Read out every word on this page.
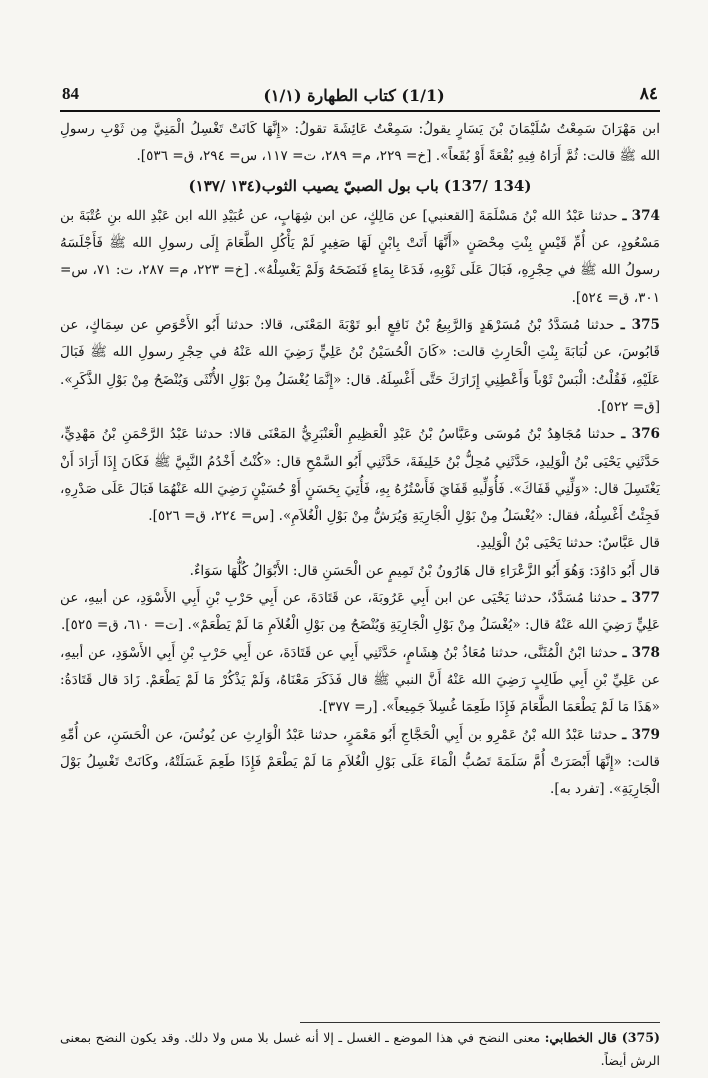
84	(1/1) كتاب الطهارة (١/١)	٨٤

ابن مَهْرَانَ سَمِعْتُ سُلَيْمَانَ بْنَ يَسَارٍ يقولُ: سَمِعْتُ عَائِشَةَ تقولُ: «إِنَّهَا كَانَتْ تَغْسِلُ الْمَنِيَّ مِن ثَوْبِ رسولِ الله ﷺ قالت: ثُمَّ أَرَاهُ فِيهِ بُقْعَةً أَوْ بُقَعاً». [خ= ٢٢٩، م= ٢٨٩، ت= ١١٧، س= ٢٩٤، ق= ٥٣٦].

(134 /137) باب بول الصبيّ يصيب الثوب(١٣٤ /١٣٧)

374 ـ حدثنا عَبْدُ الله بْنُ مَسْلَمَةَ [القعنبي] عن مَالِكٍ، عن ابن شِهَابٍ، عن عُبَيْدِ الله ابن عَبْدِ الله بنِ عُتْبَةَ بن مَسْعُودٍ، عن أُمِّ قَيْسٍ بِنْتِ مِحْصَنٍ «أَنَّهَا أَتَتْ بِابْنٍ لَهَا صَغِيرٍ لَمْ يَأْكُلِ الطَّعَامَ إِلَى رسولِ الله ﷺ فَأَجْلَسَهُ رسولُ الله ﷺ في حِجْرِهِ، فَبَالَ عَلَى ثَوْبِهِ، فَدَعَا بِمَاءٍ فَنَضَحَهُ وَلَمْ يَغْسِلْهُ». [خ= ٢٢٣، م= ٢٨٧، ت: ٧١، س= ٣٠١، ق= ٥٢٤].

375 ـ حدثنا مُسَدَّدُ بْنُ مُسَرْهَدٍ وَالرَّبِيعُ بْنُ نَافِعٍ أبو تَوْبَةَ المَعْنَى، قالا: حدثنا أَبُو الأَحْوَصِ عن سِمَاكٍ، عن قَابُوسَ، عن لُبَابَةَ بِنْتِ الْحَارِثِ قالت: «كَانَ الْحُسَيْنُ بْنُ عَلِيٍّ رَضِيَ الله عَنْهُ في حِجْرِ رسولِ الله ﷺ فَبَالَ عَلَيْهِ، فَقُلْتُ: الْبَسْ ثَوْباً وَأَعْطِنِي إِزَارَكَ حَتَّى أَغْسِلَهُ. قال: «إِنَّمَا يُغْسَلُ مِنْ بَوْلِ الأُنْثَى وَيُنْضَحُ مِنْ بَوْلِ الذَّكَرِ». [ق= ٥٢٢].

376 ـ حدثنا مُجَاهِدُ بْنُ مُوسَى وعَبَّاسُ بْنُ عَبْدِ الْعَظِيمِ الْعَنْبَرِيُّ المَعْنَى قالا: حدثنا عَبْدُ الرَّحْمَنِ بْنُ مَهْدِيٍّ، حَدَّثَنِي يَحْيَى بْنُ الْوَلِيدِ، حَدَّثَنِي مُحِلُّ بْنُ خَلِيفَةَ، حَدَّثَنِي أَبُو السَّمْحِ قال: «كُنْتُ أَخْدُمُ النَّبِيَّ ﷺ فَكَانَ إِذَا أَرَادَ أَنْ يَغْتَسِلَ قال: «وَلِّنِي قَفَاكَ». فَأُوَلِّيهِ قَفَايَ فَأَسْتُرُهُ بِهِ، فَأُتِيَ بِحَسَنٍ أَوْ حُسَيْنٍ رَضِيَ الله عَنْهُمَا فَبَالَ عَلَى صَدْرِهِ، فَجِئْتُ أَغْسِلُهُ، فقال: «يُغْسَلُ مِنْ بَوْلِ الْجَارِيَةِ وَيُرَشُّ مِنْ بَوْلِ الْغُلاَمِ». [س= ٢٢٤، ق= ٥٢٦].

قال عَبَّاسٌ: حدثنا يَحْيَى بْنُ الْوَلِيدِ.

قال أَبُو دَاوُدَ: وَهُوَ أَبُو الزَّعْرَاءِ قال هَارُونُ بْنُ تَمِيمٍ عن الْحَسَنِ قال: الأَبْوَالُ كُلُّهَا سَوَاءٌ.

377 ـ حدثنا مُسَدَّدٌ، حدثنا يَحْيَى عن ابن أَبِي عَرُوبَةَ، عن قَتَادَةَ، عن أَبِي حَرْبِ بْنِ أَبِي الأَسْوَدِ، عن أبيهِ، عن عَلِيٍّ رَضِيَ الله عَنْهُ قال: «يُغْسَلُ مِنْ بَوْلِ الْجَارِيَةِ وَيُنْضَحُ مِن بَوْلِ الْغُلاَمِ مَا لَمْ يَطْعَمْ». [ت= ٦١٠، ق= ٥٢٥].

378 ـ حدثنا ابْنُ الْمُثَنَّى، حدثنا مُعَاذُ بْنُ هِشَامٍ، حَدَّثَنِي أَبِي عن قَتَادَةَ، عن أَبِي حَرْبِ بْنِ أَبِي الأَسْوَدِ، عن أبيهِ، عن عَلِيِّ بْنِ أَبِي طَالِبٍ رَضِيَ الله عَنْهُ أَنَّ النبي ﷺ قال فَذَكَرَ مَعْنَاهُ، وَلَمْ يَذْكُرْ مَا لَمْ يَطْعَمْ. زَادَ قال قَتَادَةُ: «هَذَا مَا لَمْ يَطْعَمَا الطَّعَامَ فَإِذَا طَعِمَا غُسِلاَ جَمِيعاً». [ر= ٣٧٧].

379 ـ حدثنا عَبْدُ الله بْنُ عَمْرِو بن أَبِي الْحَجَّاجِ أَبُو مَعْمَرٍ، حدثنا عَبْدُ الْوَارِثِ عن يُونُسَ، عن الْحَسَنِ، عن أُمِّهِ قالت: «إِنَّهَا أَبْصَرَتْ أُمَّ سَلَمَةَ تَصُبُّ الْمَاءَ عَلَى بَوْلِ الْغُلاَمِ مَا لَمْ يَطْعَمْ فَإِذَا طَعِمَ غَسَلَتْهُ، وكَانَتْ تَغْسِلُ بَوْلَ الْجَارِيَةِ». [تفرد به].

(375) قال الخطابي: معنى النضح في هذا الموضع ـ الغسل ـ إلا أنه غسل بلا مس ولا دلك. وقد يكون النضح بمعنى الرش أيضاً.
